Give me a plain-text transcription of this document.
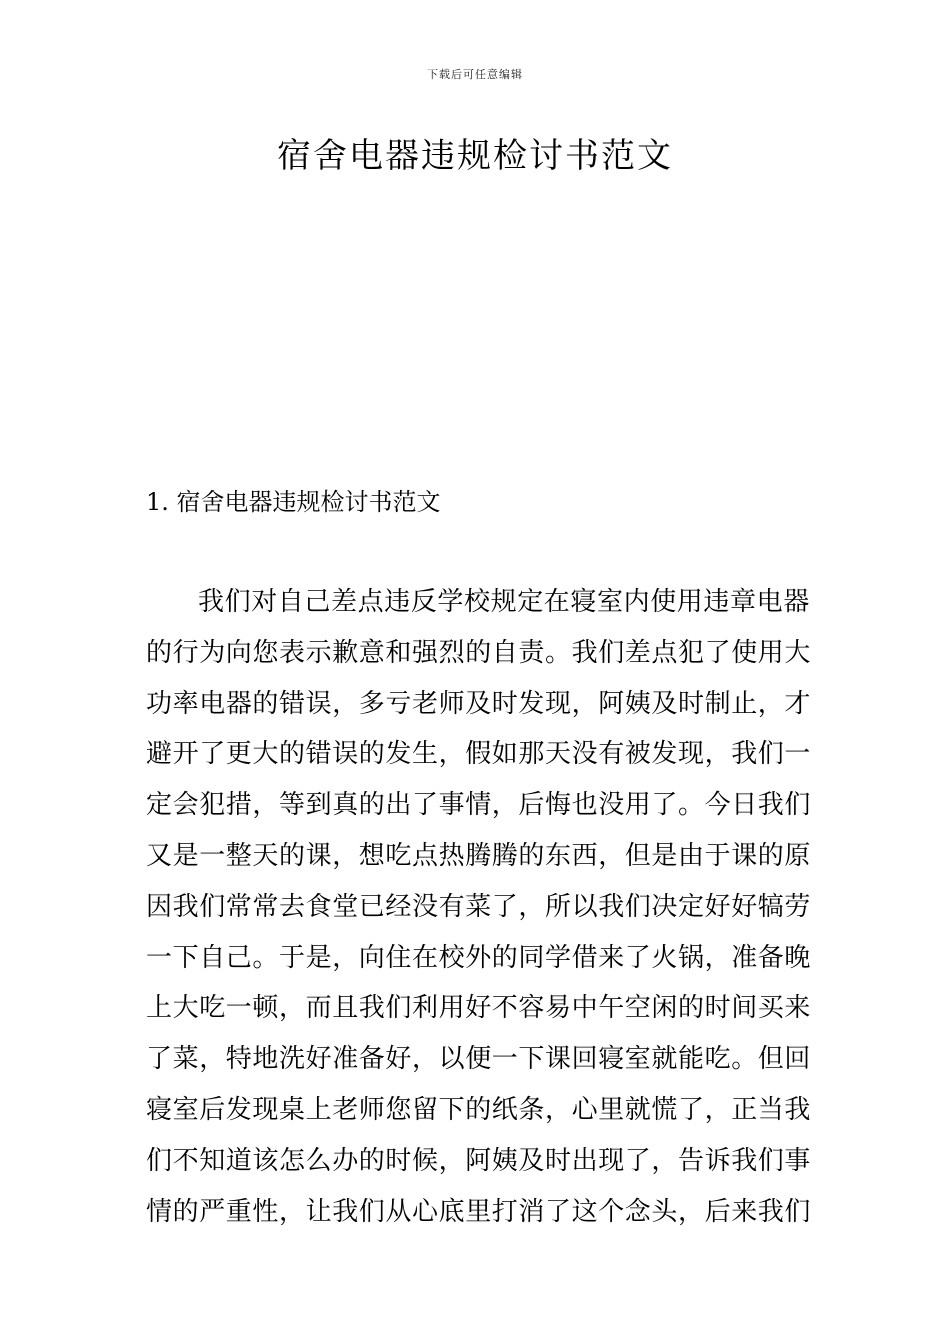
下载后可任意编辑
宿舍电器违规检讨书范文
1. 宿舍电器违规检讨书范文
我们对自己差点违反学校规定在寝室内使用违章电器
的行为向您表示歉意和强烈的自责。我们差点犯了使用大
功率电器的错误，多亏老师及时发现，阿姨及时制止，才
避开了更大的错误的发生，假如那天没有被发现，我们一
定会犯措，等到真的出了事情，后悔也没用了。今日我们
又是一整天的课，想吃点热腾腾的东西，但是由于课的原
因我们常常去食堂已经没有菜了，所以我们决定好好犒劳
一下自己。于是，向住在校外的同学借来了火锅，准备晚
上大吃一顿，而且我们利用好不容易中午空闲的时间买来
了菜，特地洗好准备好，以便一下课回寝室就能吃。但回
寝室后发现桌上老师您留下的纸条，心里就慌了，正当我
们不知道该怎么办的时候，阿姨及时出现了，告诉我们事
情的严重性，让我们从心底里打消了这个念头，后来我们
